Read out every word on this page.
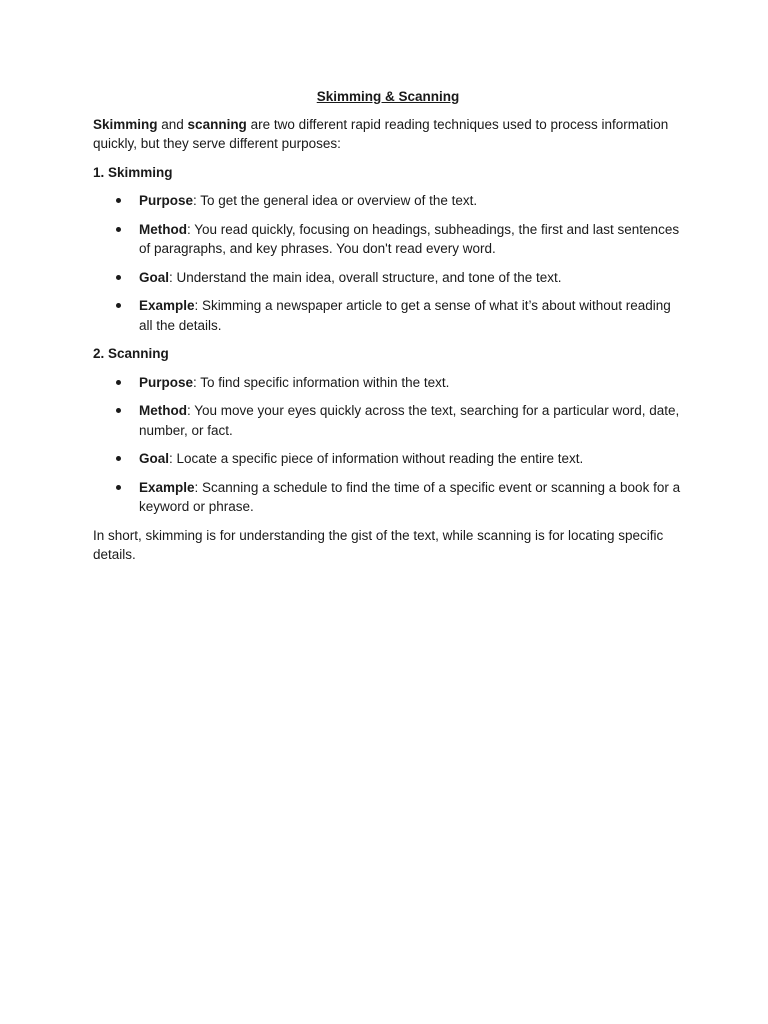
Skimming & Scanning

Skimming and scanning are two different rapid reading techniques used to process information quickly, but they serve different purposes:

1. Skimming
Purpose: To get the general idea or overview of the text.
Method: You read quickly, focusing on headings, subheadings, the first and last sentences of paragraphs, and key phrases. You don't read every word.
Goal: Understand the main idea, overall structure, and tone of the text.
Example: Skimming a newspaper article to get a sense of what it’s about without reading all the details.
2. Scanning
Purpose: To find specific information within the text.
Method: You move your eyes quickly across the text, searching for a particular word, date, number, or fact.
Goal: Locate a specific piece of information without reading the entire text.
Example: Scanning a schedule to find the time of a specific event or scanning a book for a keyword or phrase.

In short, skimming is for understanding the gist of the text, while scanning is for locating specific details.
